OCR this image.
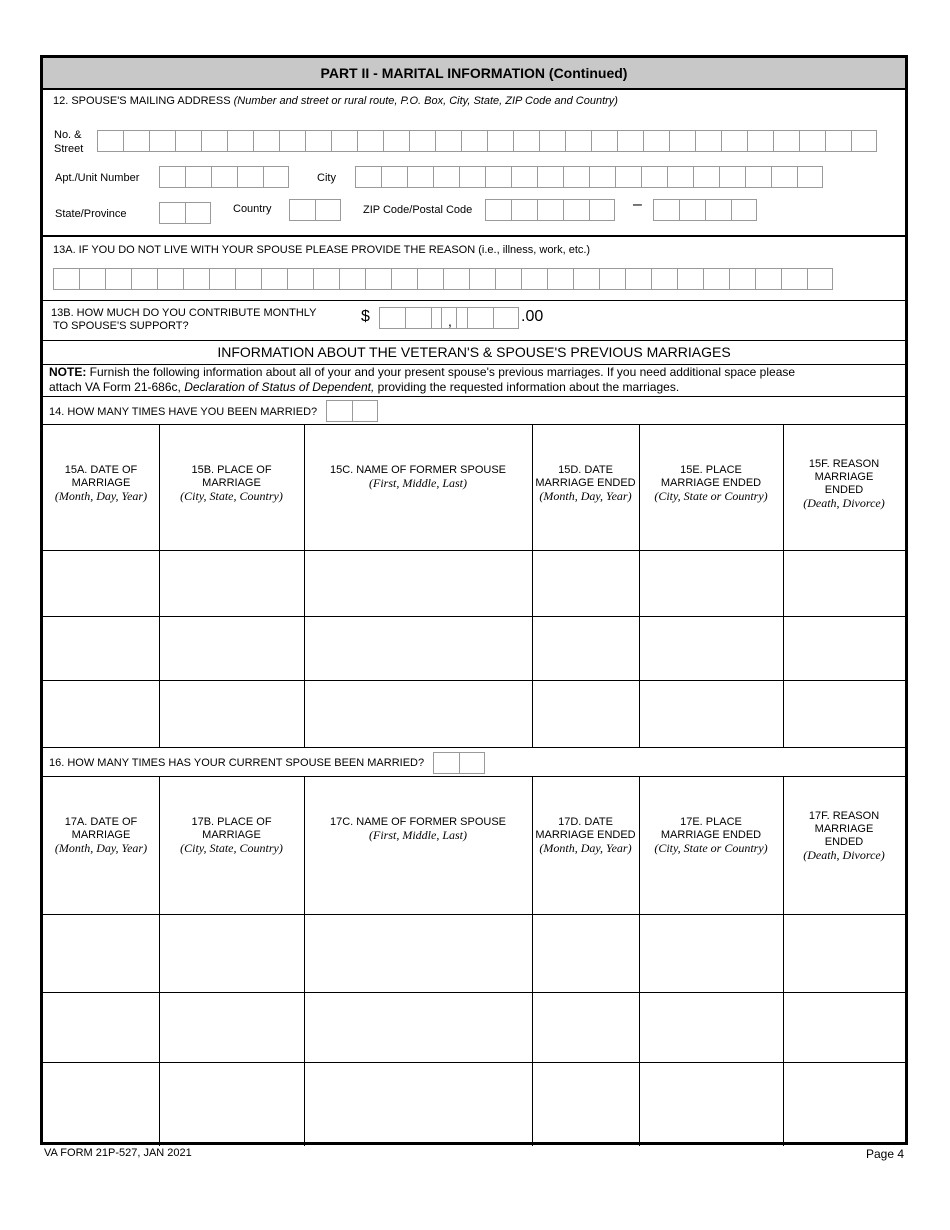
PART II - MARITAL INFORMATION (Continued)
12. SPOUSE'S MAILING ADDRESS (Number and street or rural route, P.O. Box, City, State, ZIP Code and Country)
No. &
Street
Apt./Unit Number	City
State/Province	Country	ZIP Code/Postal Code	–
13A. IF YOU DO NOT LIVE WITH YOUR SPOUSE PLEASE PROVIDE THE REASON (i.e., illness, work, etc.)
13B. HOW MUCH DO YOU CONTRIBUTE MONTHLY
TO SPOUSE'S SUPPORT?
$	,	.00
INFORMATION ABOUT THE VETERAN'S & SPOUSE'S PREVIOUS MARRIAGES
NOTE: Furnish the following information about all of your and your present spouse's previous marriages. If you need additional space please
attach VA Form 21-686c, Declaration of Status of Dependent, providing the requested information about the marriages.
14. HOW MANY TIMES HAVE YOU BEEN MARRIED?
16. HOW MANY TIMES HAS YOUR CURRENT SPOUSE BEEN MARRIED?
15A. DATE OF
MARRIAGE
(Month, Day, Year)
15B. PLACE OF
MARRIAGE
(City, State, Country)
15C. NAME OF FORMER SPOUSE
(First, Middle, Last)
15D. DATE
MARRIAGE ENDED
(Month, Day, Year)
15E. PLACE
MARRIAGE ENDED
(City, State or Country)
15F. REASON
MARRIAGE
ENDED
(Death, Divorce)
17A. DATE OF
MARRIAGE
(Month, Day, Year)
17B. PLACE OF
MARRIAGE
(City, State, Country)
17C. NAME OF FORMER SPOUSE
(First, Middle, Last)
17D. DATE
MARRIAGE ENDED
(Month, Day, Year)
17E. PLACE
MARRIAGE ENDED
(City, State or Country)
17F. REASON
MARRIAGE
ENDED
(Death, Divorce)
VA FORM 21P-527, JAN 2021	Page 4
